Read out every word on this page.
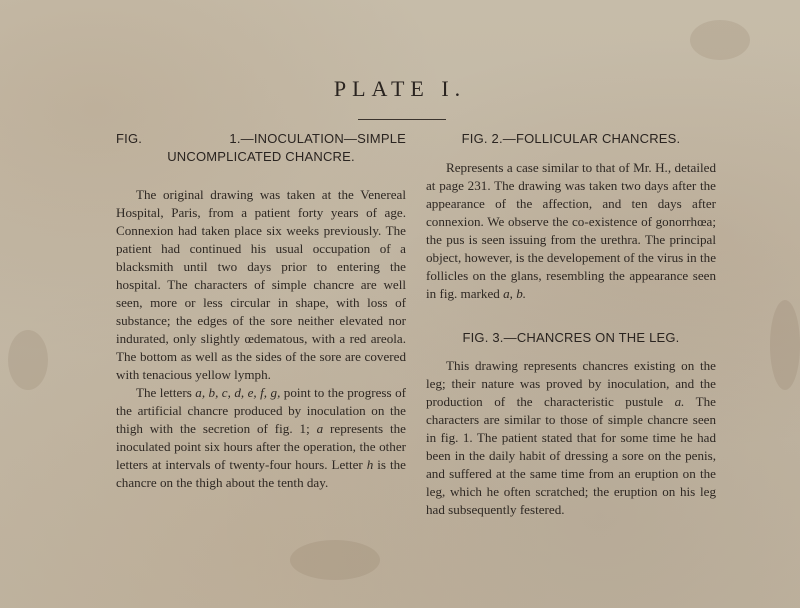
PLATE I.
FIG. 1.—INOCULATION—SIMPLE UNCOMPLICATED CHANCRE.

The original drawing was taken at the Venereal Hospital, Paris, from a patient forty years of age. Connexion had taken place six weeks previously. The patient had continued his usual occupation of a blacksmith until two days prior to entering the hospital. The characters of simple chancre are well seen, more or less circular in shape, with loss of substance; the edges of the sore neither elevated nor indurated, only slightly œdematous, with a red areola. The bottom as well as the sides of the sore are covered with tenacious yellow lymph.

The letters a, b, c, d, e, f, g, point to the progress of the artificial chancre produced by inoculation on the thigh with the secretion of fig. 1; a represents the inoculated point six hours after the operation, the other letters at intervals of twenty-four hours. Letter h is the chancre on the thigh about the tenth day.

FIG. 2.—FOLLICULAR CHANCRES.

Represents a case similar to that of Mr. H., detailed at page 231. The drawing was taken two days after the appearance of the affection, and ten days after connexion. We observe the co-existence of gonorrhœa; the pus is seen issuing from the urethra. The principal object, however, is the developement of the virus in the follicles on the glans, resembling the appearance seen in fig. marked a, b.

FIG. 3.—CHANCRES ON THE LEG.

This drawing represents chancres existing on the leg; their nature was proved by inoculation, and the production of the characteristic pustule a. The characters are similar to those of simple chancre seen in fig. 1. The patient stated that for some time he had been in the daily habit of dressing a sore on the penis, and suffered at the same time from an eruption on the leg, which he often scratched; the eruption on his leg had subsequently festered.
